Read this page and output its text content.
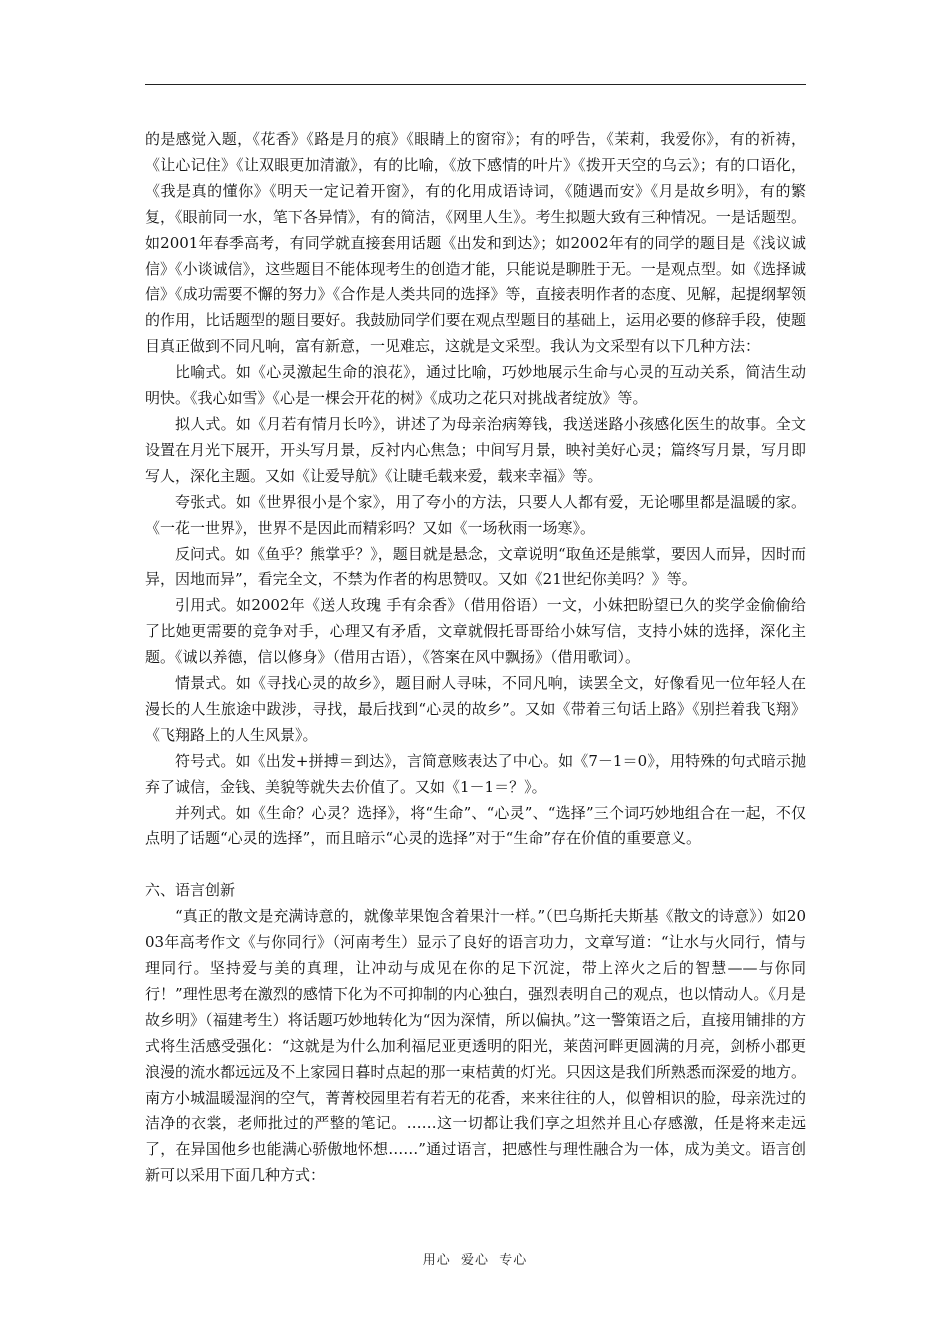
的是感觉入题，《花香》《路是月的痕》《眼睛上的窗帘》；有的呼告，《茉莉，我爱你》，有的祈祷，《让心记住》《让双眼更加清澈》，有的比喻，《放下感情的叶片》《拨开天空的乌云》；有的口语化，《我是真的懂你》《明天一定记着开窗》，有的化用成语诗词，《随遇而安》《月是故乡明》，有的繁复，《眼前同一水，笔下各异情》，有的简洁，《网里人生》。考生拟题大致有三种情况。一是话题型。如2001年春季高考，有同学就直接套用话题《出发和到达》；如2002年有的同学的题目是《浅议诚信》《小谈诚信》，这些题目不能体现考生的创造才能，只能说是聊胜于无。一是观点型。如《选择诚信》《成功需要不懈的努力》《合作是人类共同的选择》等，直接表明作者的态度、见解，起提纲挈领的作用，比话题型的题目要好。我鼓励同学们要在观点型题目的基础上，运用必要的修辞手段，使题目真正做到不同凡响，富有新意，一见难忘，这就是文采型。我认为文采型有以下几种方法：

比喻式。如《心灵激起生命的浪花》，通过比喻，巧妙地展示生命与心灵的互动关系，简洁生动明快。《我心如雪》《心是一棵会开花的树》《成功之花只对挑战者绽放》等。

拟人式。如《月若有情月长吟》，讲述了为母亲治病筹钱，我送迷路小孩感化医生的故事。全文设置在月光下展开，开头写月景，反衬内心焦急；中间写月景，映衬美好心灵；篇终写月景，写月即写人，深化主题。又如《让爱导航》《让睫毛载来爱，载来幸福》等。

夸张式。如《世界很小是个家》，用了夸小的方法，只要人人都有爱，无论哪里都是温暖的家。《一花一世界》，世界不是因此而精彩吗？又如《一场秋雨一场寒》。

反问式。如《鱼乎？熊掌乎？》，题目就是悬念，文章说明“取鱼还是熊掌，要因人而异，因时而异，因地而异”，看完全文，不禁为作者的构思赞叹。又如《21世纪你美吗？》等。

引用式。如2002年《送人玫瑰 手有余香》（借用俗语）一文，小妹把盼望已久的奖学金偷偷给了比她更需要的竞争对手，心理又有矛盾，文章就假托哥哥给小妹写信，支持小妹的选择，深化主题。《诚以养德，信以修身》（借用古语），《答案在风中飘扬》（借用歌词）。

情景式。如《寻找心灵的故乡》，题目耐人寻味，不同凡响，读罢全文，好像看见一位年轻人在漫长的人生旅途中跋涉，寻找，最后找到“心灵的故乡”。又如《带着三句话上路》《别拦着我飞翔》《飞翔路上的人生风景》。

符号式。如《出发+拼搏＝到达》，言简意赅表达了中心。如《7－1＝0》，用特殊的句式暗示抛弃了诚信，金钱、美貌等就失去价值了。又如《1－1＝？》。

并列式。如《生命？心灵？选择》，将“生命”、“心灵”、“选择”三个词巧妙地组合在一起，不仅点明了话题“心灵的选择”，而且暗示“心灵的选择”对于“生命”存在价值的重要意义。

六、语言创新

“真正的散文是充满诗意的，就像苹果饱含着果汁一样。”（巴乌斯托夫斯基《散文的诗意》）如2003年高考作文《与你同行》（河南考生）显示了良好的语言功力，文章写道：“让水与火同行，情与理同行。坚持爱与美的真理，让冲动与成见在你的足下沉淀，带上淬火之后的智慧——与你同行！”理性思考在激烈的感情下化为不可抑制的内心独白，强烈表明自己的观点，也以情动人。《月是故乡明》（福建考生）将话题巧妙地转化为“因为深情，所以偏执。”这一警策语之后，直接用铺排的方式将生活感受强化：“这就是为什么加利福尼亚更透明的阳光，莱茵河畔更圆满的月亮，剑桥小郡更浪漫的流水都远远及不上家园日暮时点起的那一束桔黄的灯光。只因这是我们所熟悉而深爱的地方。南方小城温暖湿润的空气，菁菁校园里若有若无的花香，来来往往的人，似曾相识的脸，母亲洗过的洁净的衣裳，老师批过的严整的笔记。……这一切都让我们享之坦然并且心存感激，任是将来走远了，在异国他乡也能满心骄傲地怀想……”通过语言，把感性与理性融合为一体，成为美文。语言创新可以采用下面几种方式：

用心  爱心  专心
